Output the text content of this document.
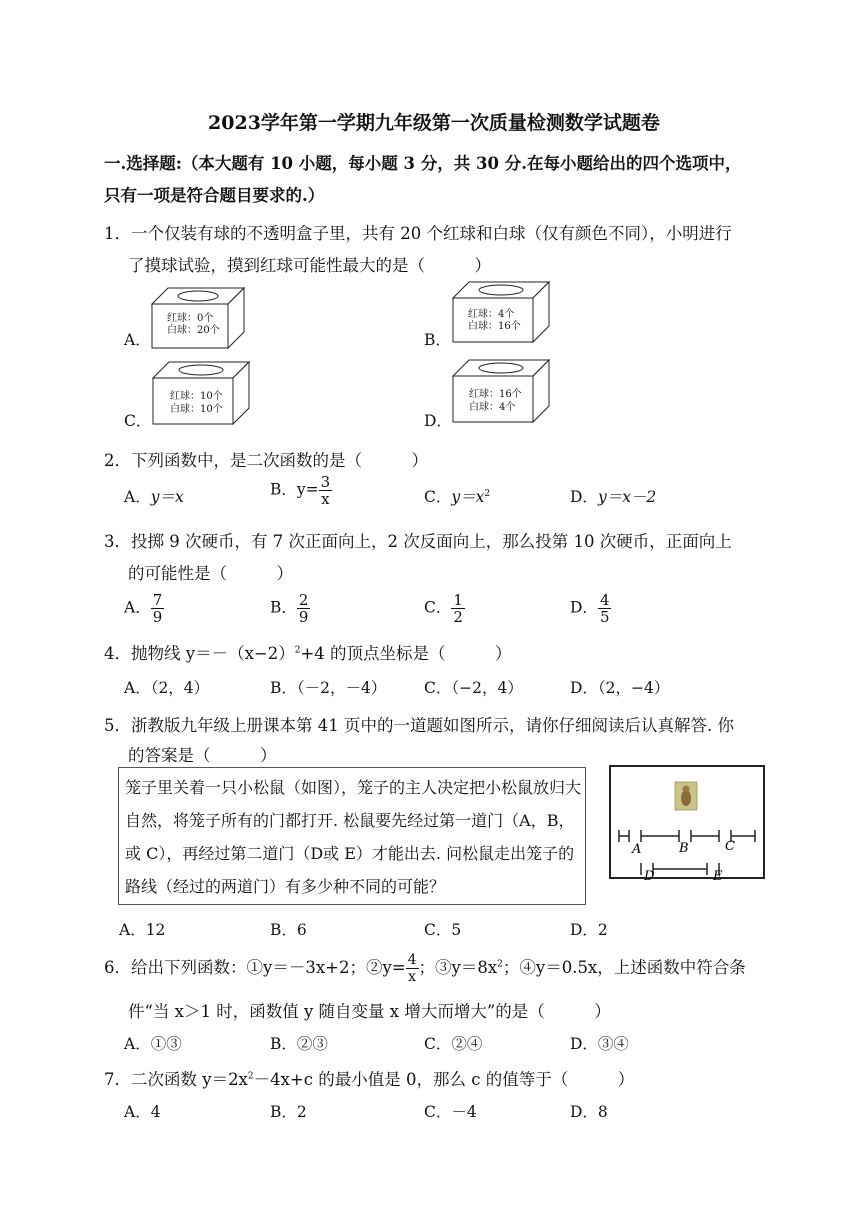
2023学年第一学期九年级第一次质量检测数学试题卷
一.选择题:（本大题有 10 小题，每小题 3 分，共 30 分.在每小题给出的四个选项中，
只有一项是符合题目要求的.）
1．一个仅装有球的不透明盒子里，共有 20 个红球和白球（仅有颜色不同），小明进行
了摸球试验，摸到红球可能性最大的是（　　　）
A．
红球：0个
白球：20个
B．
红球：4个
白球：16个
C．
红球：10个
白球：10个
D．
红球：16个
白球：4个
2．下列函数中，是二次函数的是（　　　）
A．y＝x	B．$y= \frac{3}{x}$	C．$y=x^2$	D．y＝x－2
3．投掷 9 次硬币，有 7 次正面向上，2 次反面向上，那么投第 10 次硬币，正面向上
的可能性是（　　　）
A． $\frac{7}{9}$	B． $\frac{2}{9}$	C． $\frac{1}{2}$	D． $\frac{4}{5}$
4．抛物线 $y=-(x-2)^2+4$ 的顶点坐标是（　　　）
A．（2，4）	B．（－2，－4） C．（−2，4）	D．（2，−4）
5．浙教版九年级上册课本第 41 页中的一道题如图所示，请你仔细阅读后认真解答. 你
的答案是（　　　）
笼子里关着一只小松鼠（如图），笼子的主人决定把小松鼠放归大自然，将笼子所有的门都打开. 松鼠要先经过第一道门（A，B，或 C），再经过第二道门（D或 E）才能出去. 问松鼠走出笼子的路线（经过的两道门）有多少种不同的可能？
A	B	C
D	E
A．12	B．6	C．5	D．2
6．给出下列函数：①y＝－3x+2；②y= $\frac{4}{x}$ ；$③y=8x^2$；④y＝0.5x，上述函数中符合条
件“当 x＞1 时，函数值 y 随自变量 x 增大而增大”的是（　　　）
A．①③	B．②③	C．②④	D．③④
7．二次函数 $y=2x^2-4x+c$ 的最小值是 0，那么 c 的值等于（　　　）
A．4	B．2	C．－4	D．8
